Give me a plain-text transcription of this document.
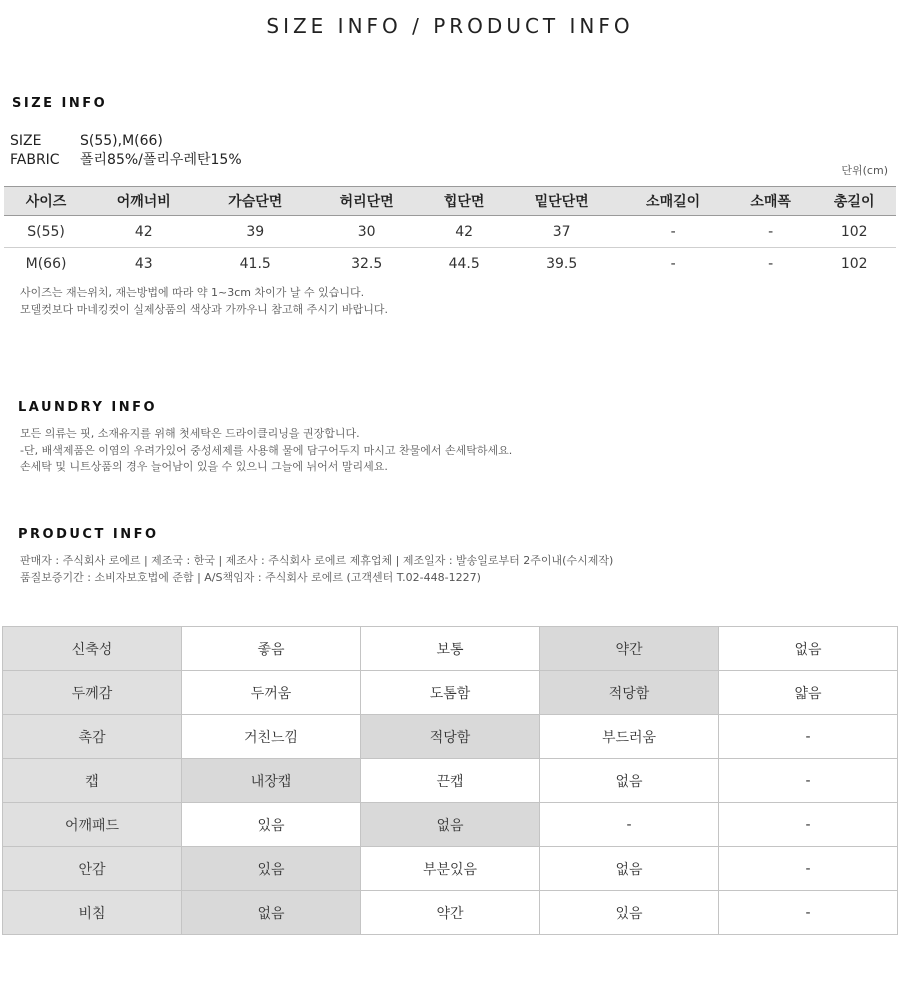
SIZE INFO / PRODUCT INFO
SIZE INFO
SIZE	S(55),M(66)
FABRIC 폴리85%/폴리우레탄15%
단위(cm)
사이즈	어깨너비	가슴단면	허리단면	힙단면	밑단단면	소매길이	소매폭	총길이
S(55)	42	39	30	42	37	-	-	102
M(66)	43	41.5	32.5	44.5	39.5	-	-	102
사이즈는 재는위치, 재는방법에 따라 약 1~3cm 차이가 날 수 있습니다.
모델컷보다 마네킹컷이 실제상품의 색상과 가까우니 참고해 주시기 바랍니다.
LAUNDRY INFO
모든 의류는 핏, 소재유지를 위해 첫세탁은 드라이클리닝을 권장합니다.
-단, 배색제품은 이염의 우려가있어 중성세제를 사용해 물에 담구어두지 마시고 찬물에서 손세탁하세요.
손세탁 및 니트상품의 경우 늘어남이 있을 수 있으니 그늘에 뉘어서 말리세요.
PRODUCT INFO
판매자 : 주식회사 로에르 | 제조국 : 한국 | 제조사 : 주식회사 로에르 제휴업체 | 제조일자 : 발송일로부터 2주이내(수시제작)
품질보증기간 : 소비자보호법에 준함 | A/S책임자 : 주식회사 로에르 (고객센터 T.02-448-1227)
신축성	좋음	보통	약간	없음
두께감	두꺼움	도톰함	적당함	얇음
촉감	거친느낌	적당함	부드러움	-
캡	내장캡	끈캡	없음	-
어깨패드	있음	없음	-	-
안감	있음	부분있음	없음	-
비침	없음	약간	있음	-
